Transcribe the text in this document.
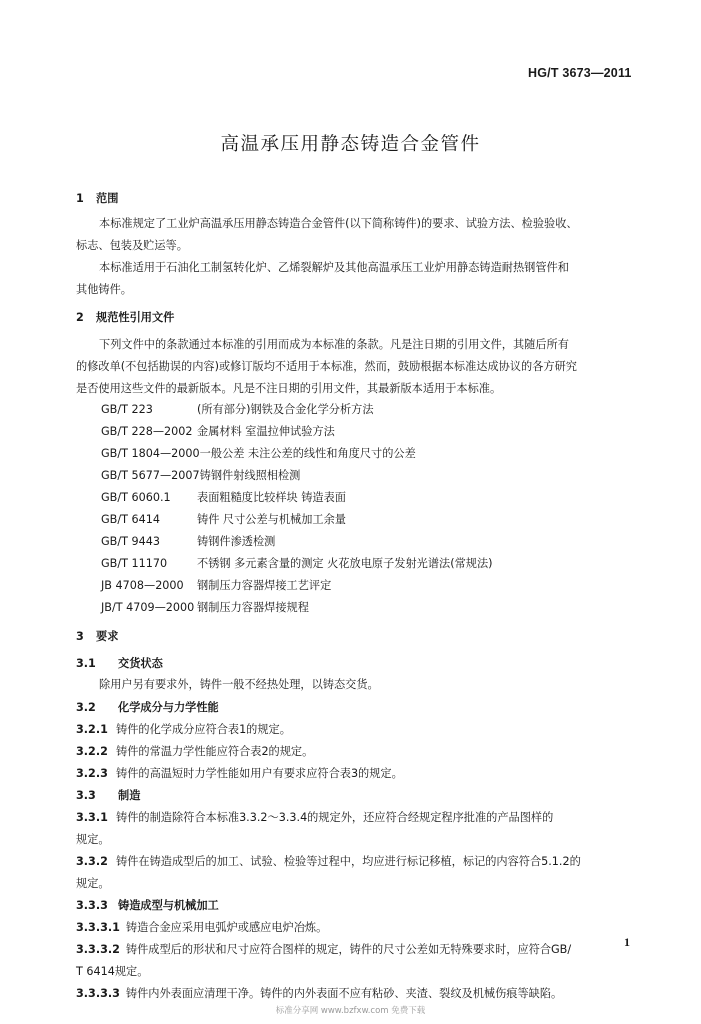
HG/T 3673—2011
高温承压用静态铸造合金管件
1 范围
本标准规定了工业炉高温承压用静态铸造合金管件(以下简称铸件)的要求、试验方法、检验验收、
标志、包装及贮运等。
本标准适用于石油化工制氢转化炉、乙烯裂解炉及其他高温承压工业炉用静态铸造耐热钢管件和
其他铸件。
2 规范性引用文件
下列文件中的条款通过本标准的引用而成为本标准的条款。凡是注日期的引用文件，其随后所有
的修改单(不包括勘误的内容)或修订版均不适用于本标准，然而，鼓励根据本标准达成协议的各方研究
是否使用这些文件的最新版本。凡是不注日期的引用文件，其最新版本适用于本标准。
GB/T 223	(所有部分)钢铁及合金化学分析方法
GB/T 228—2002 金属材料 室温拉伸试验方法
GB/T 1804—2000一般公差 未注公差的线性和角度尺寸的公差
GB/T 5677—2007铸钢件射线照相检测
GB/T 6060.1 表面粗糙度比较样块 铸造表面
GB/T 6414	铸件 尺寸公差与机械加工余量
GB/T 9443	铸钢件渗透检测
GB/T 11170	不锈钢 多元素含量的测定 火花放电原子发射光谱法(常规法)
JB 4708—2000 钢制压力容器焊接工艺评定
JB/T 4709—2000 钢制压力容器焊接规程
3 要求
3.1 交货状态
除用户另有要求外，铸件一般不经热处理，以铸态交货。
3.2 化学成分与力学性能
3.2.1 铸件的化学成分应符合表1的规定。
3.2.2 铸件的常温力学性能应符合表2的规定。
3.2.3 铸件的高温短时力学性能如用户有要求应符合表3的规定。
3.3 制造
3.3.1 铸件的制造除符合本标准3.3.2～3.3.4的规定外，还应符合经规定程序批准的产品图样的
规定。
3.3.2 铸件在铸造成型后的加工、试验、检验等过程中，均应进行标记移植，标记的内容符合5.1.2的
规定。
3.3.3 铸造成型与机械加工
3.3.3.1 铸造合金应采用电弧炉或感应电炉冶炼。
3.3.3.2 铸件成型后的形状和尺寸应符合图样的规定，铸件的尺寸公差如无特殊要求时，应符合GB/
T 6414规定。
3.3.3.3 铸件内外表面应清理干净。铸件的内外表面不应有粘砂、夹渣、裂纹及机械伤痕等缺陷。
1
标准分享网 www.bzfxw.com 免费下载
